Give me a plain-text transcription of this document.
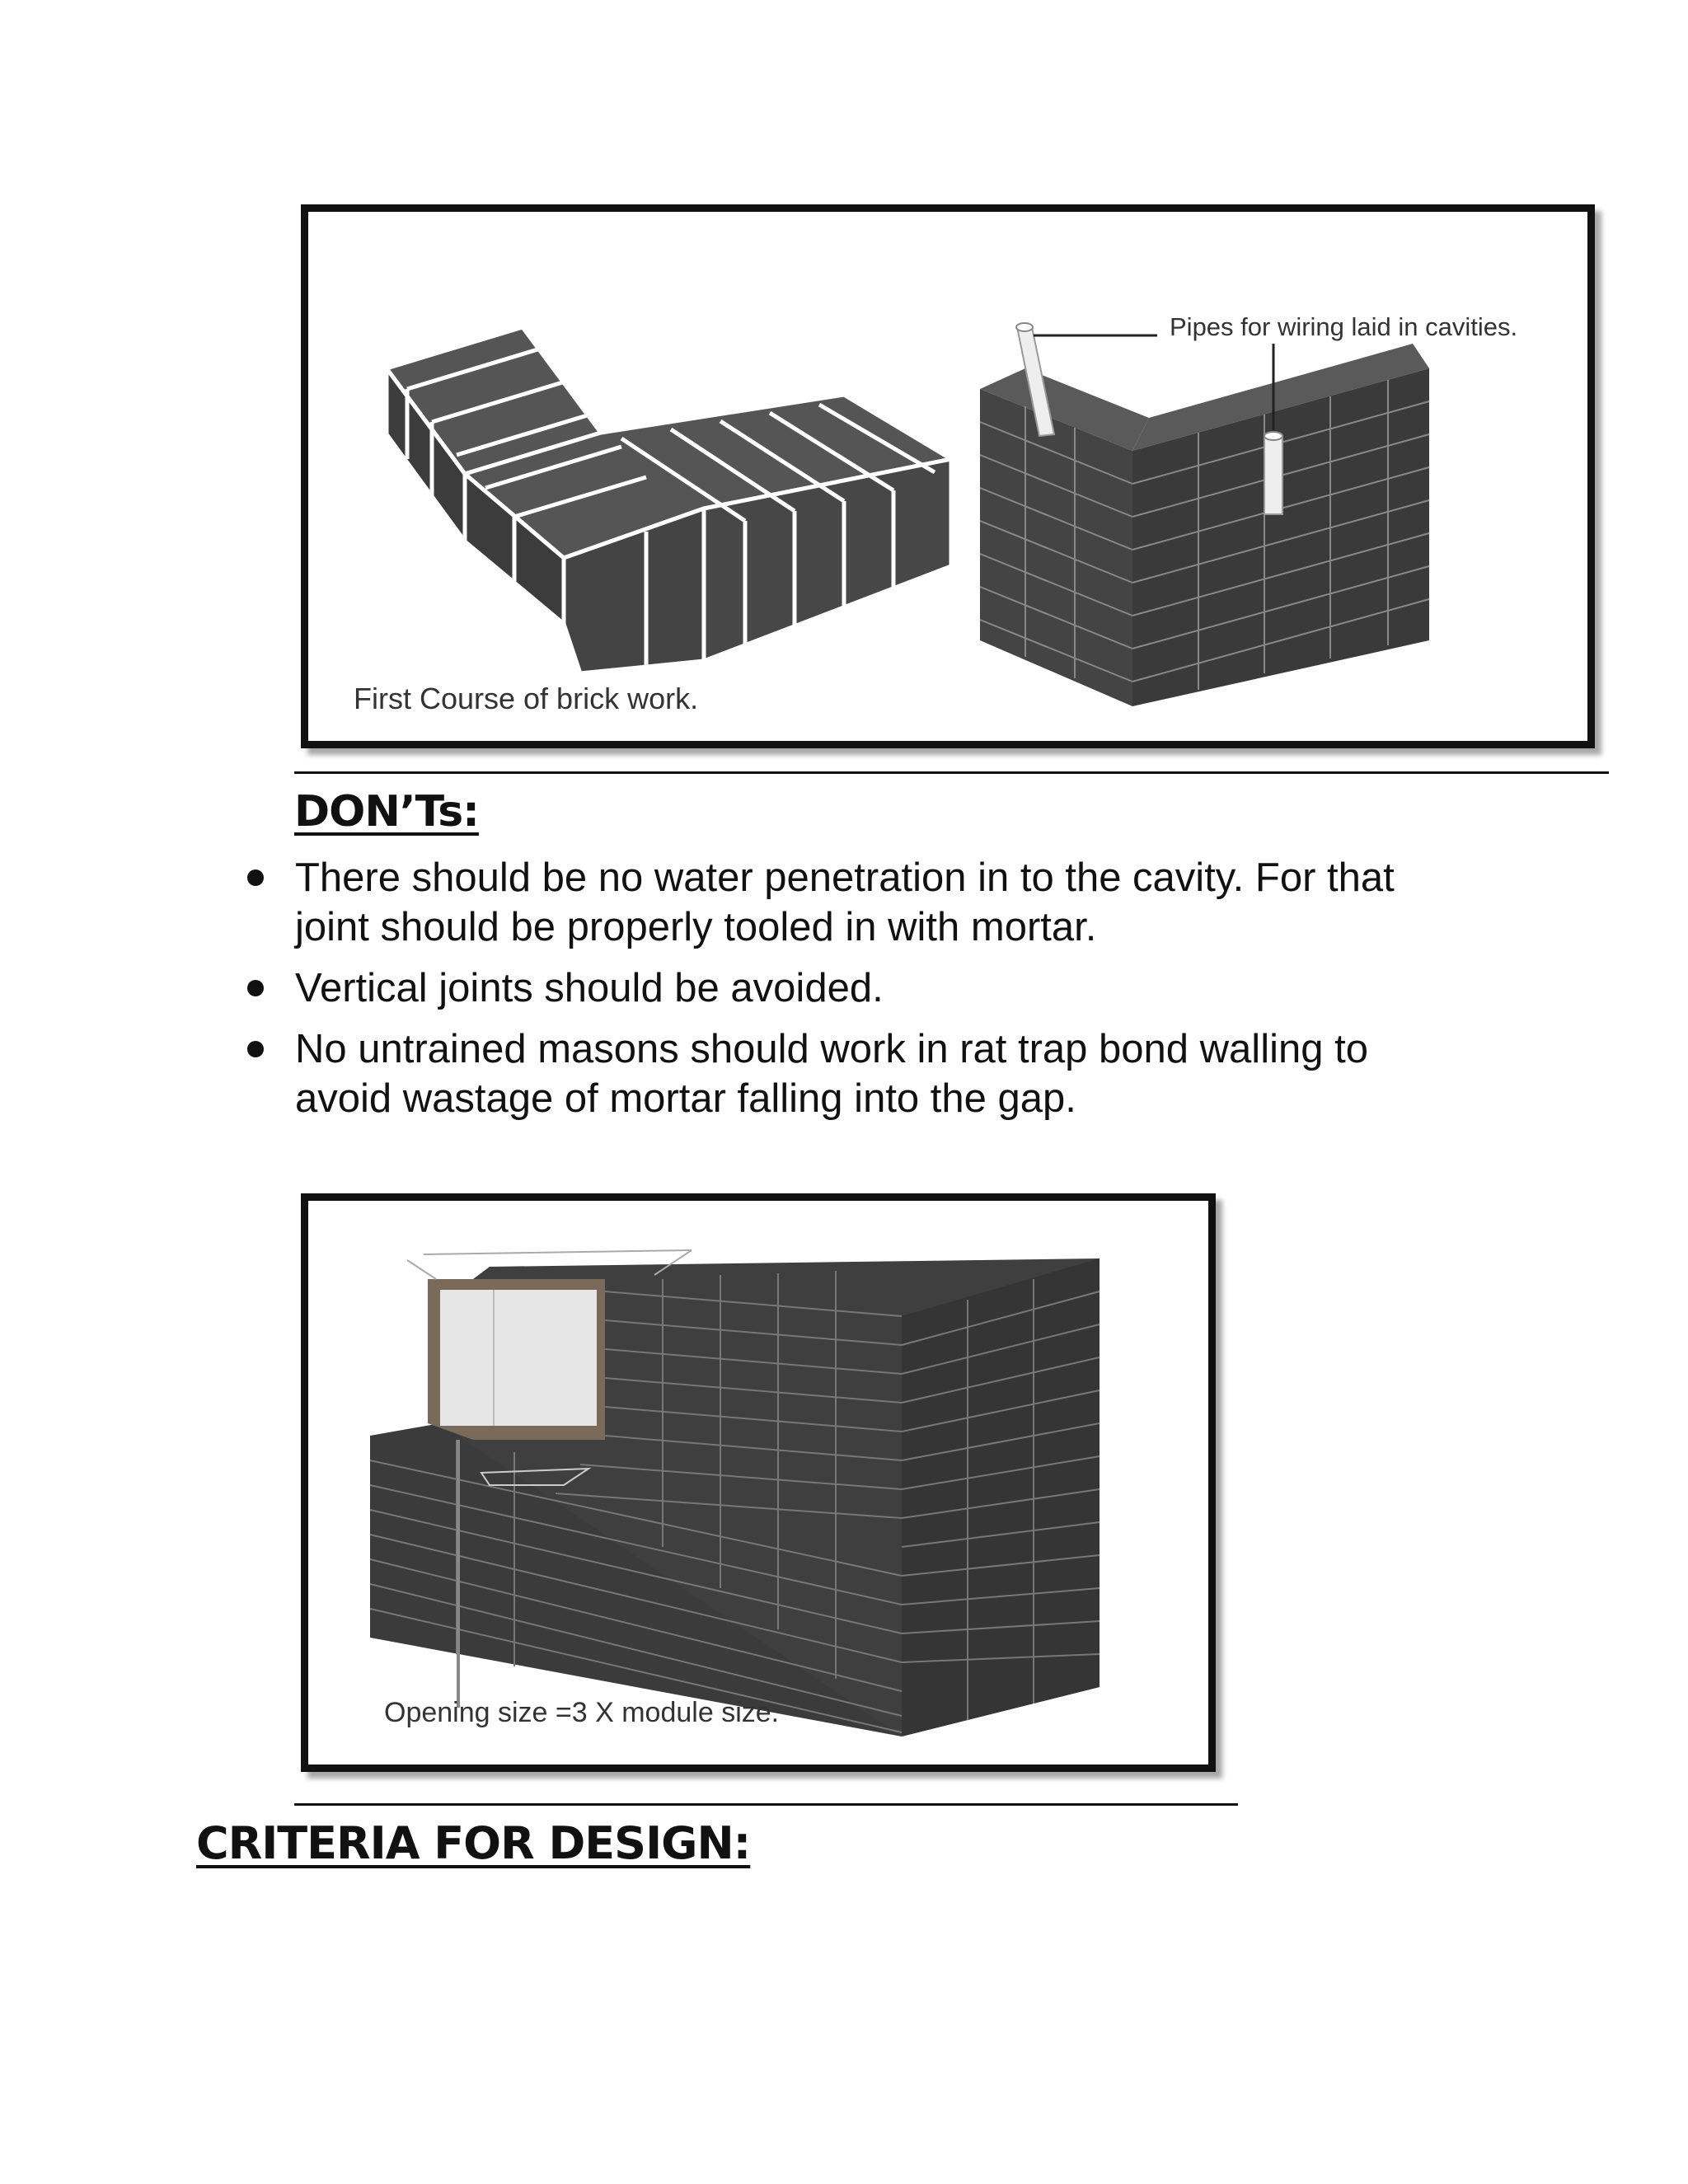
First Course of brick work.
Pipes for wiring laid in cavities.
DON’Ts:
There should be no water penetration in to the cavity. For that joint should be properly tooled in with mortar.
Vertical joints should be avoided.
No untrained masons should work in rat trap bond walling to avoid wastage of mortar falling into the gap.
Opening size =3 X module size.
CRITERIA FOR DESIGN:
